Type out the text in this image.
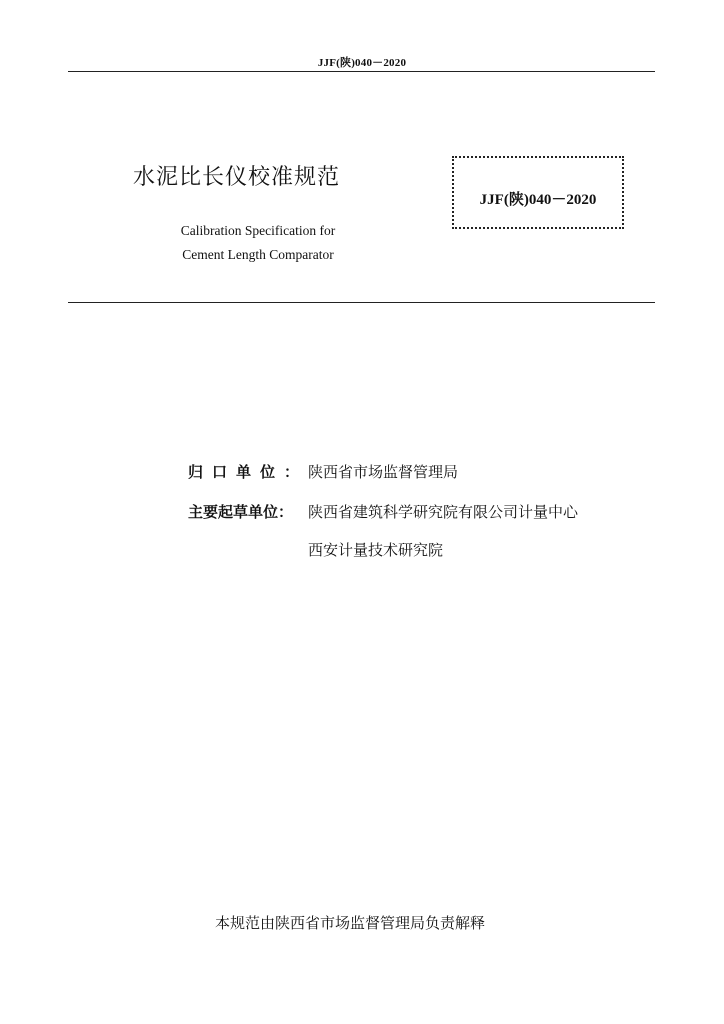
JJF(陕)040－2020
水泥比长仪校准规范
Calibration Specification for
Cement Length Comparator
JJF(陕)040－2020
归口单位：陕西省市场监督管理局
主要起草单位： 陕西省建筑科学研究院有限公司计量中心
西安计量技术研究院
本规范由陕西省市场监督管理局负责解释
